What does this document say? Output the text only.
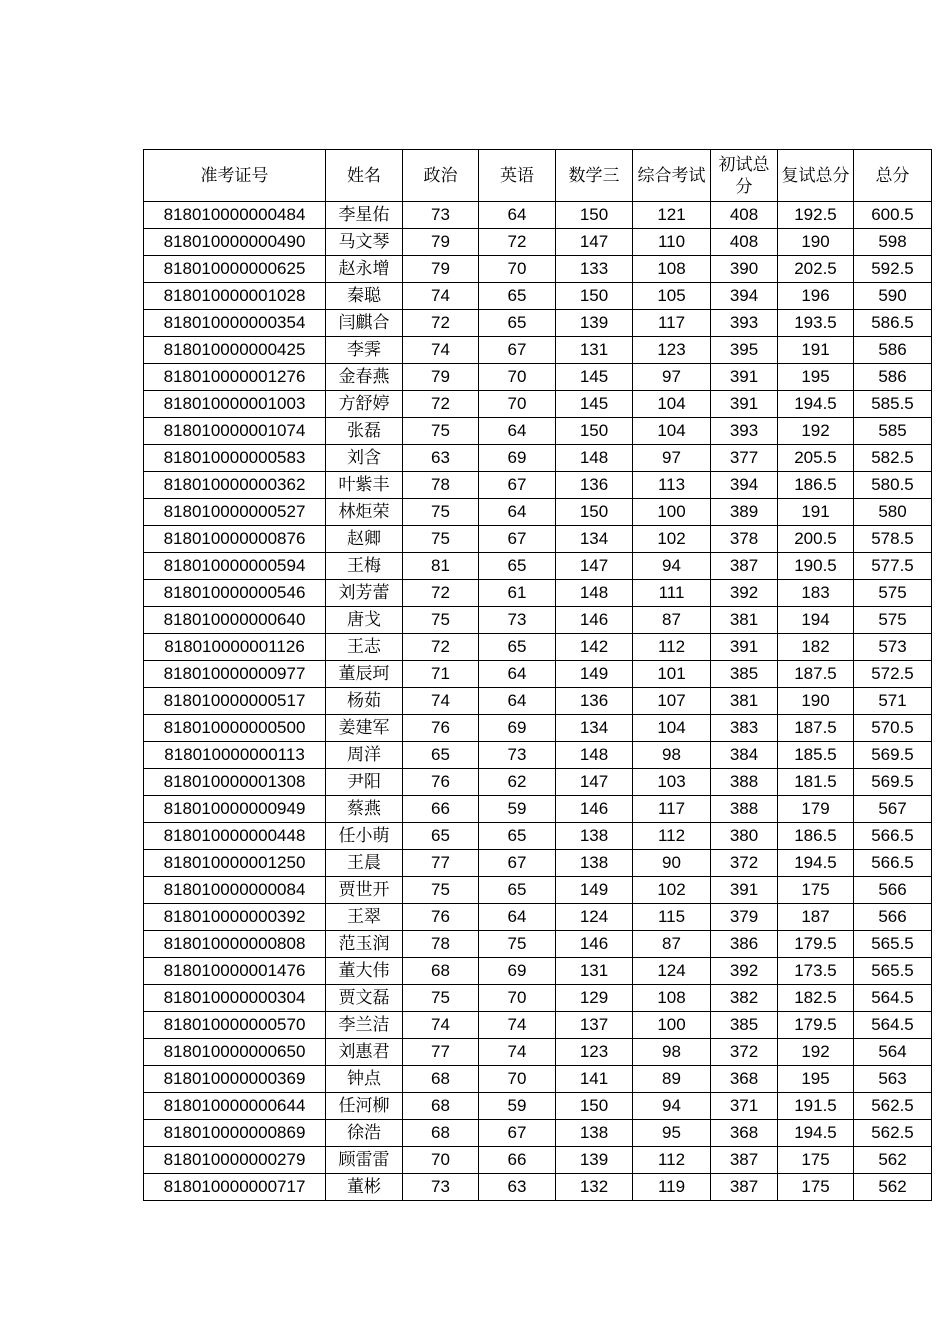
准考证号	姓名	政治	英语	数学三	综合考试	初试总分	复试总分	总分
818010000000484	李星佑	73	64	150	121	408	192.5	600.5
818010000000490	马文琴	79	72	147	110	408	190	598
818010000000625	赵永增	79	70	133	108	390	202.5	592.5
818010000001028	秦聪	74	65	150	105	394	196	590
818010000000354	闫麒合	72	65	139	117	393	193.5	586.5
818010000000425	李霁	74	67	131	123	395	191	586
818010000001276	金春燕	79	70	145	97	391	195	586
818010000001003	方舒婷	72	70	145	104	391	194.5	585.5
818010000001074	张磊	75	64	150	104	393	192	585
818010000000583	刘含	63	69	148	97	377	205.5	582.5
818010000000362	叶紫丰	78	67	136	113	394	186.5	580.5
818010000000527	林炬荣	75	64	150	100	389	191	580
818010000000876	赵卿	75	67	134	102	378	200.5	578.5
818010000000594	王梅	81	65	147	94	387	190.5	577.5
818010000000546	刘芳蕾	72	61	148	111	392	183	575
818010000000640	唐戈	75	73	146	87	381	194	575
818010000001126	王志	72	65	142	112	391	182	573
818010000000977	董辰珂	71	64	149	101	385	187.5	572.5
818010000000517	杨茹	74	64	136	107	381	190	571
818010000000500	姜建军	76	69	134	104	383	187.5	570.5
818010000000113	周洋	65	73	148	98	384	185.5	569.5
818010000001308	尹阳	76	62	147	103	388	181.5	569.5
818010000000949	蔡燕	66	59	146	117	388	179	567
818010000000448	任小萌	65	65	138	112	380	186.5	566.5
818010000001250	王晨	77	67	138	90	372	194.5	566.5
818010000000084	贾世开	75	65	149	102	391	175	566
818010000000392	王翠	76	64	124	115	379	187	566
818010000000808	范玉润	78	75	146	87	386	179.5	565.5
818010000001476	董大伟	68	69	131	124	392	173.5	565.5
818010000000304	贾文磊	75	70	129	108	382	182.5	564.5
818010000000570	李兰洁	74	74	137	100	385	179.5	564.5
818010000000650	刘惠君	77	74	123	98	372	192	564
818010000000369	钟点	68	70	141	89	368	195	563
818010000000644	任河柳	68	59	150	94	371	191.5	562.5
818010000000869	徐浩	68	67	138	95	368	194.5	562.5
818010000000279	顾雷雷	70	66	139	112	387	175	562
818010000000717	董彬	73	63	132	119	387	175	562
